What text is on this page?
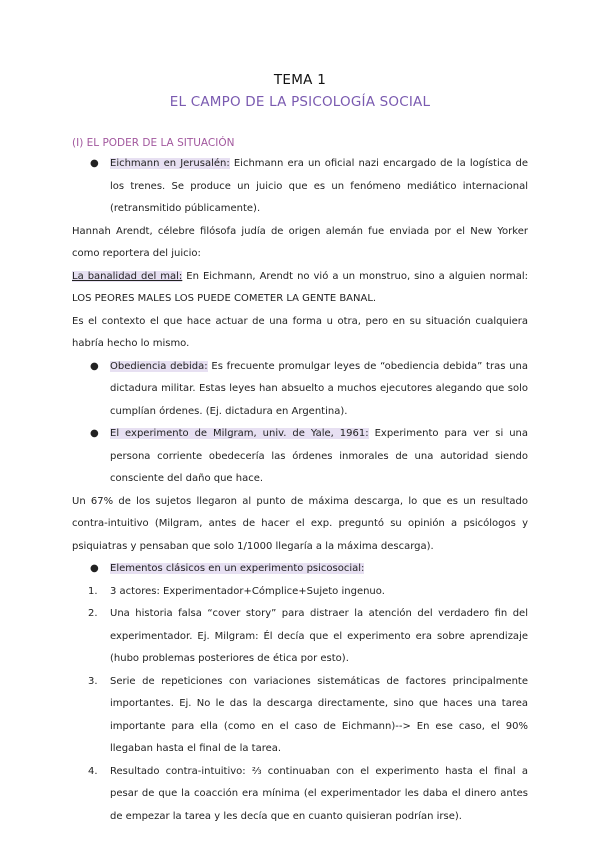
TEMA 1
EL CAMPO DE LA PSICOLOGÍA SOCIAL
(I) EL PODER DE LA SITUACIÓN

● Eichmann en Jerusalén: Eichmann era un oficial nazi encargado de la logística de los trenes. Se produce un juicio que es un fenómeno mediático internacional (retransmitido públicamente).

Hannah Arendt, célebre filósofa judía de origen alemán fue enviada por el New Yorker como reportera del juicio:

La banalidad del mal: En Eichmann, Arendt no vió a un monstruo, sino a alguien normal: LOS PEORES MALES LOS PUEDE COMETER LA GENTE BANAL.

Es el contexto el que hace actuar de una forma u otra, pero en su situación cualquiera habría hecho lo mismo.

● Obediencia debida: Es frecuente promulgar leyes de “obediencia debida” tras una dictadura militar. Estas leyes han absuelto a muchos ejecutores alegando que solo cumplían órdenes. (Ej. dictadura en Argentina).

● El experimento de Milgram, univ. de Yale, 1961: Experimento para ver si una persona corriente obedecería las órdenes inmorales de una autoridad siendo consciente del daño que hace.

Un 67% de los sujetos llegaron al punto de máxima descarga, lo que es un resultado contra-intuitivo (Milgram, antes de hacer el exp. preguntó su opinión a psicólogos y psiquiatras y pensaban que solo 1/1000 llegaría a la máxima descarga).

● Elementos clásicos en un experimento psicosocial:

1. 3 actores: Experimentador+Cómplice+Sujeto ingenuo.

2. Una historia falsa “cover story” para distraer la atención del verdadero fin del experimentador. Ej. Milgram: Él decía que el experimento era sobre aprendizaje (hubo problemas posteriores de ética por esto).

3. Serie de repeticiones con variaciones sistemáticas de factores principalmente importantes. Ej. No le das la descarga directamente, sino que haces una tarea importante para ella (como en el caso de Eichmann)--> En ese caso, el 90% llegaban hasta el final de la tarea.

4. Resultado contra-intuitivo: ⅔ continuaban con el experimento hasta el final a pesar de que la coacción era mínima (el experimentador les daba el dinero antes de empezar la tarea y les decía que en cuanto quisieran podrían irse).
